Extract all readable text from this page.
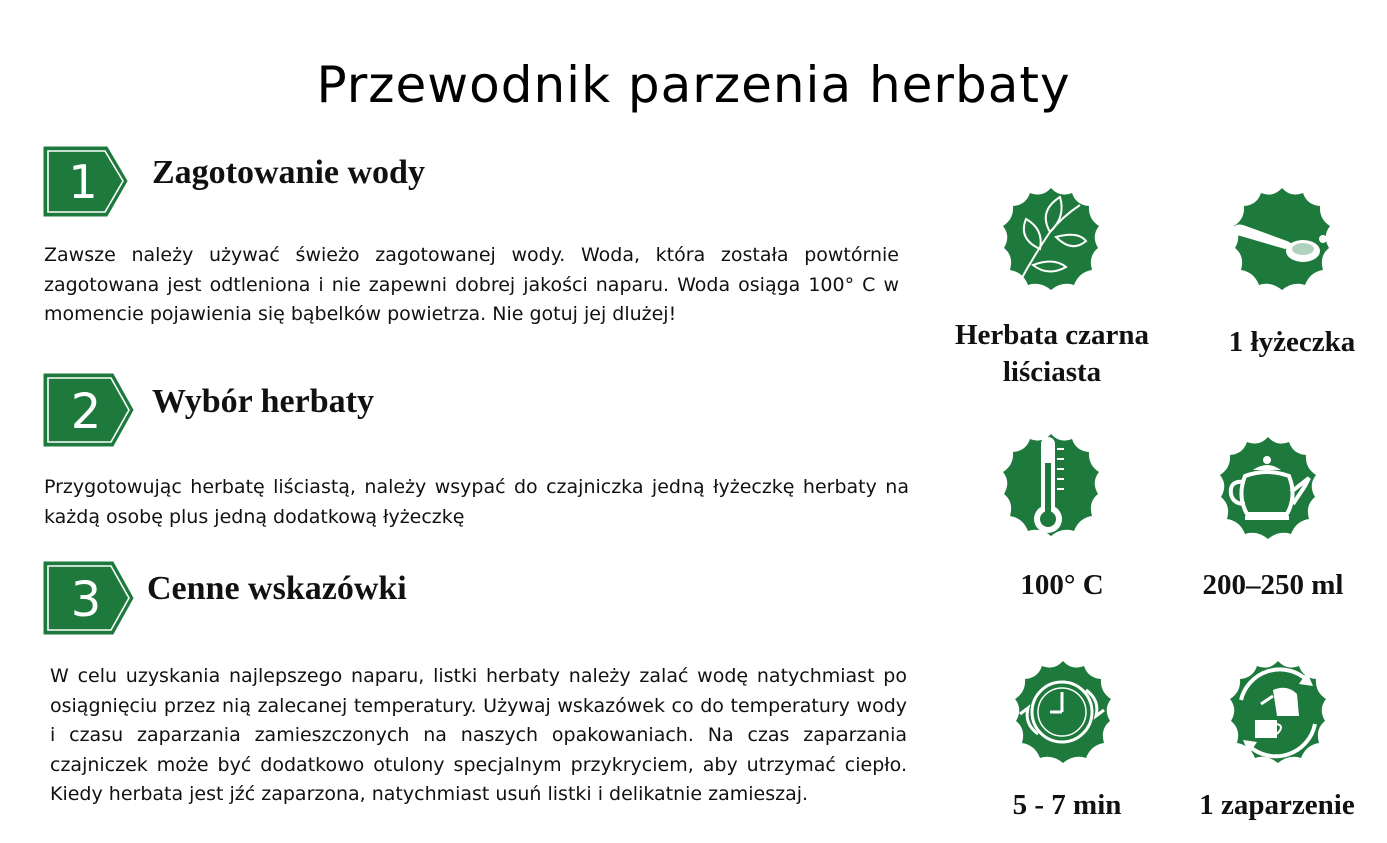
Przewodnik parzenia herbaty
1 Zagotowanie wody

Zawsze należy używać świeżo zagotowanej wody. Woda, która została powtórnie zagotowana jest odtleniona i nie zapewni dobrej jakości naparu. Woda osiąga 100° C w momencie pojawienia się bąbelków powietrza. Nie gotuj jej dlużej!

2 Wybór herbaty

Przygotowując herbatę liściastą, należy wsypać do czajniczka jedną łyżeczkę herbaty na każdą osobę plus jedną dodatkową łyżeczkę

3 Cenne wskazówki

W celu uzyskania najlepszego naparu, listki herbaty należy zalać wodę natychmiast po osiągnięciu przez nią zalecanej temperatury. Używaj wskazówek co do temperatury wody i czasu zaparzania zamieszczonych na naszych opakowaniach. Na czas zaparzania czajniczek może być dodatkowo otulony specjalnym przykryciem, aby utrzymać ciepło. Kiedy herbata jest jźć zaparzona, natychmiast usuń listki i delikatnie zamieszaj.

Herbata czarna liściasta
1 łyżeczka
100° C	200–250 ml
5 - 7 min	1 zaparzenie
